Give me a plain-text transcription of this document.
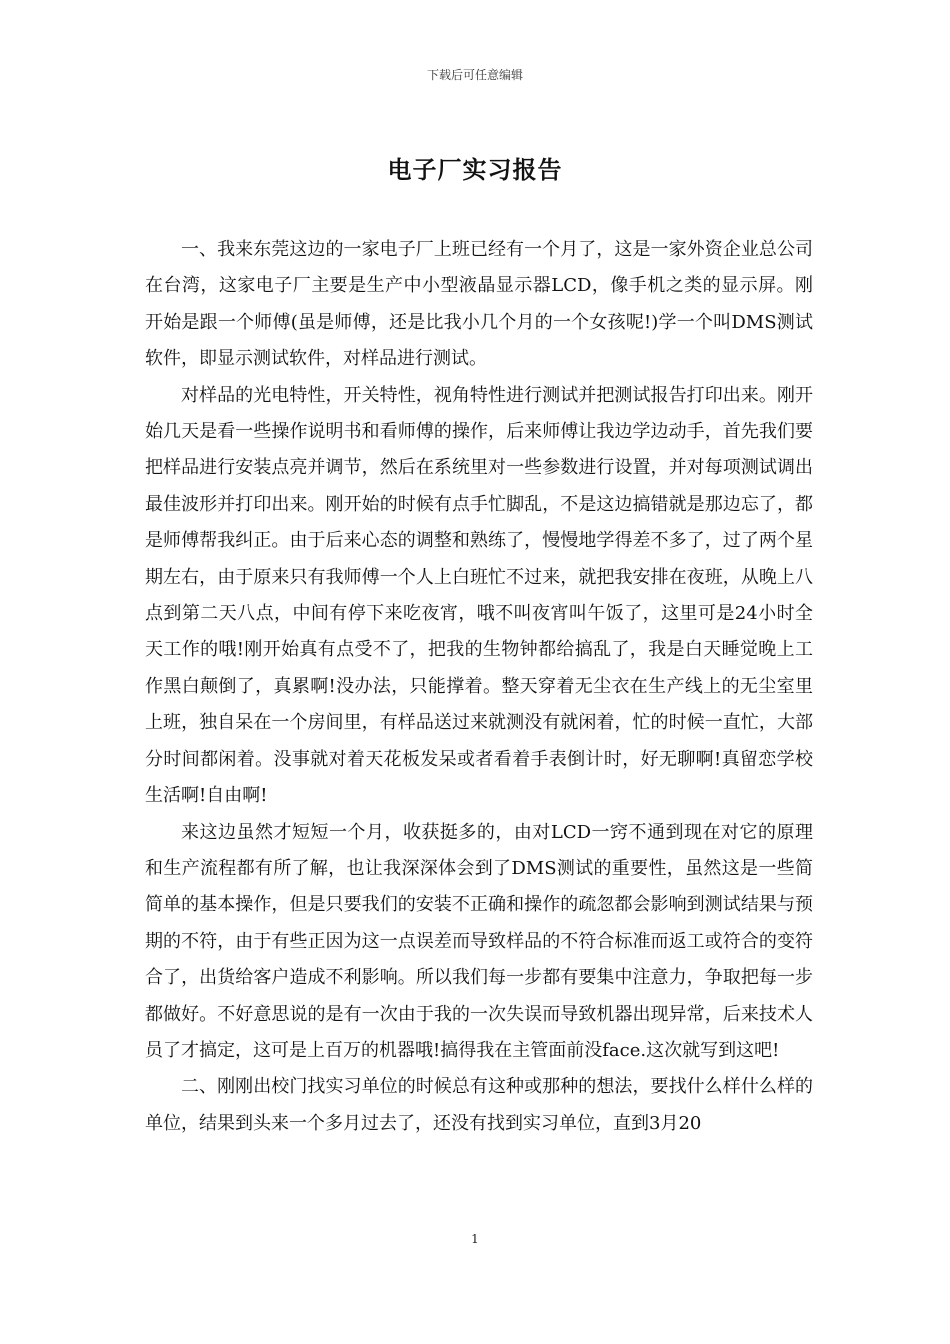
下载后可任意编辑
电子厂实习报告

一、我来东莞这边的一家电子厂上班已经有一个月了，这是一家外资企业总公司在台湾，这家电子厂主要是生产中小型液晶显示器LCD，像手机之类的显示屏。刚开始是跟一个师傅(虽是师傅，还是比我小几个月的一个女孩呢!)学一个叫DMS测试软件，即显示测试软件，对样品进行测试。

对样品的光电特性，开关特性，视角特性进行测试并把测试报告打印出来。刚开始几天是看一些操作说明书和看师傅的操作，后来师傅让我边学边动手，首先我们要把样品进行安装点亮并调节，然后在系统里对一些参数进行设置，并对每项测试调出最佳波形并打印出来。刚开始的时候有点手忙脚乱，不是这边搞错就是那边忘了，都是师傅帮我纠正。由于后来心态的调整和熟练了，慢慢地学得差不多了，过了两个星期左右，由于原来只有我师傅一个人上白班忙不过来，就把我安排在夜班，从晚上八点到第二天八点，中间有停下来吃夜宵，哦不叫夜宵叫午饭了，这里可是24小时全天工作的哦!刚开始真有点受不了，把我的生物钟都给搞乱了，我是白天睡觉晚上工作黑白颠倒了，真累啊!没办法，只能撑着。整天穿着无尘衣在生产线上的无尘室里上班，独自呆在一个房间里，有样品送过来就测没有就闲着，忙的时候一直忙，大部分时间都闲着。没事就对着天花板发呆或者看着手表倒计时，好无聊啊!真留恋学校生活啊!自由啊!

来这边虽然才短短一个月，收获挺多的，由对LCD一窍不通到现在对它的原理和生产流程都有所了解，也让我深深体会到了DMS测试的重要性，虽然这是一些简简单的基本操作，但是只要我们的安装不正确和操作的疏忽都会影响到测试结果与预期的不符，由于有些正因为这一点误差而导致样品的不符合标准而返工或符合的变符合了，出货给客户造成不利影响。所以我们每一步都有要集中注意力，争取把每一步都做好。不好意思说的是有一次由于我的一次失误而导致机器出现异常，后来技术人员了才搞定，这可是上百万的机器哦!搞得我在主管面前没face.这次就写到这吧!

二、刚刚出校门找实习单位的时候总有这种或那种的想法，要找什么样什么样的单位，结果到头来一个多月过去了，还没有找到实习单位，直到3月20

1
